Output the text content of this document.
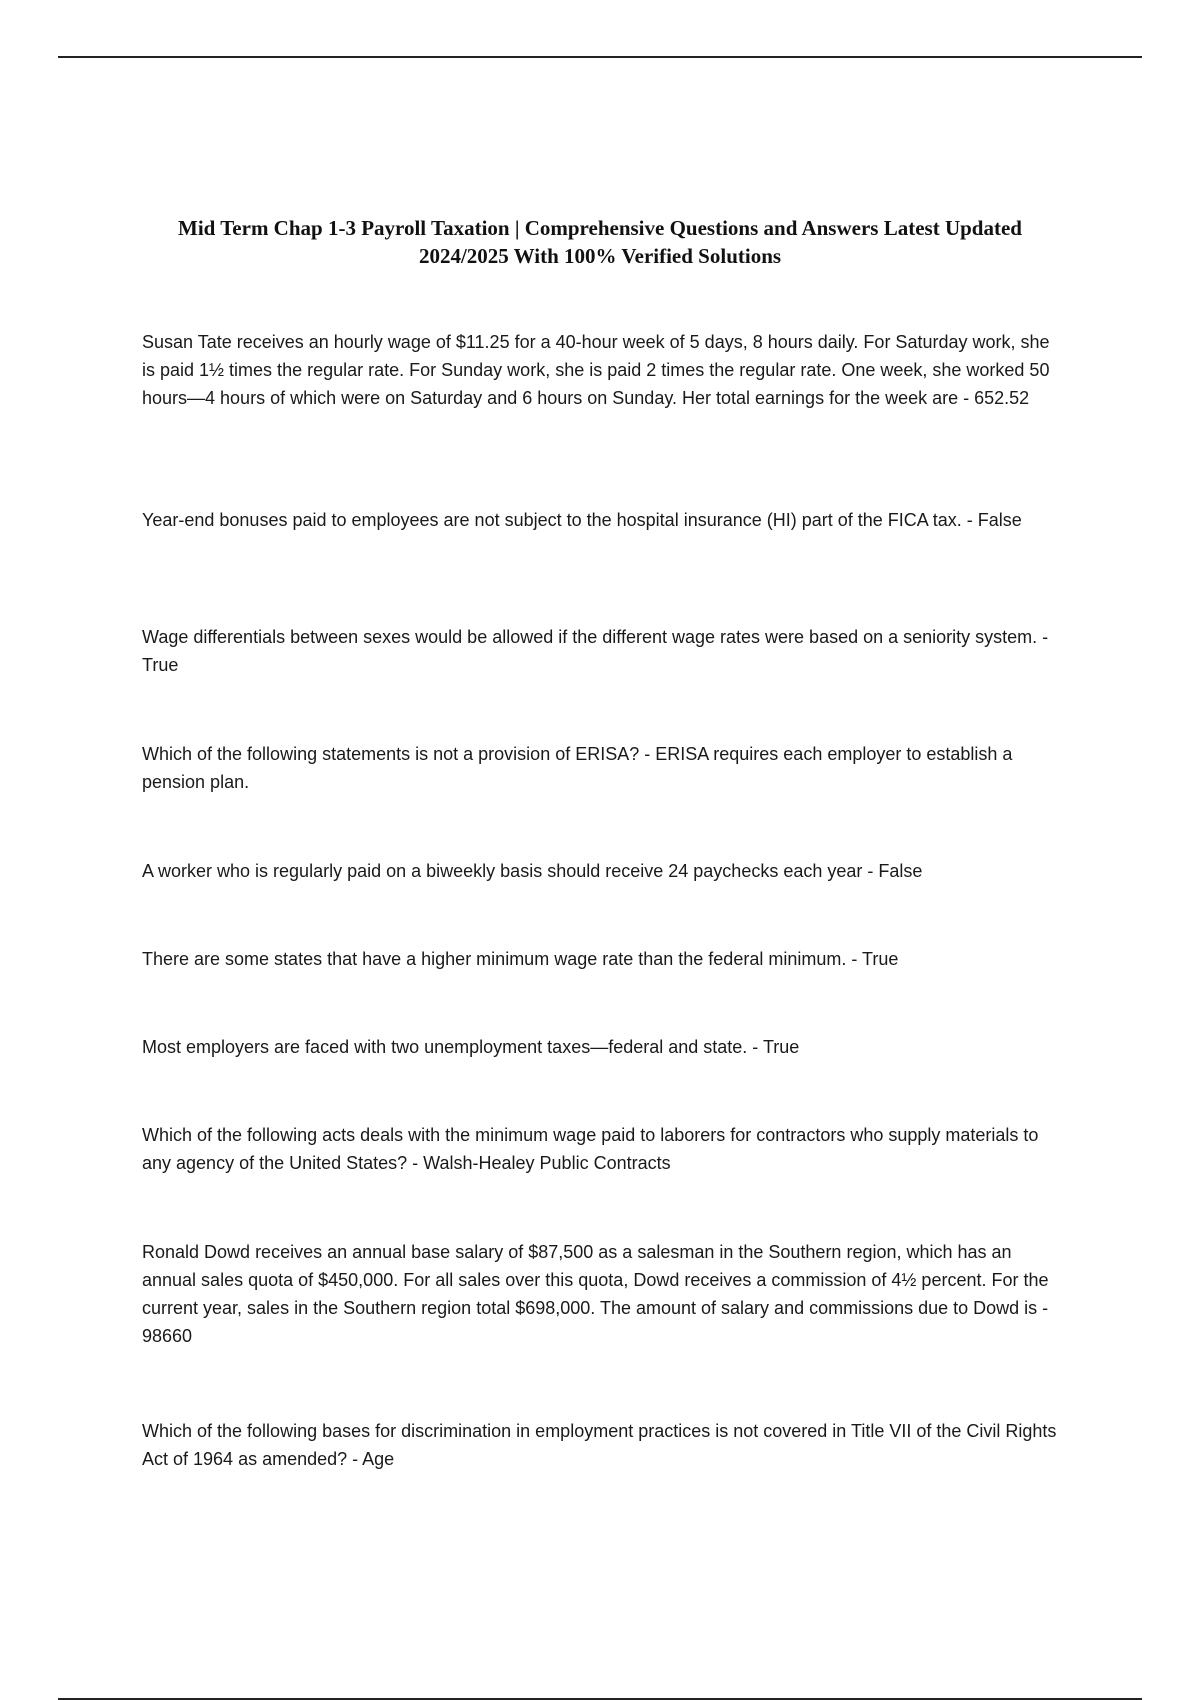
Mid Term Chap 1-3 Payroll Taxation | Comprehensive Questions and Answers Latest Updated 2024/2025 With 100% Verified Solutions
Susan Tate receives an hourly wage of $11.25 for a 40-hour week of 5 days, 8 hours daily. For Saturday work, she is paid 1½ times the regular rate. For Sunday work, she is paid 2 times the regular rate. One week, she worked 50 hours—4 hours of which were on Saturday and 6 hours on Sunday. Her total earnings for the week are - 652.52
Year-end bonuses paid to employees are not subject to the hospital insurance (HI) part of the FICA tax. - False
Wage differentials between sexes would be allowed if the different wage rates were based on a seniority system. - True
Which of the following statements is not a provision of ERISA? - ERISA requires each employer to establish a pension plan.
A worker who is regularly paid on a biweekly basis should receive 24 paychecks each year - False
There are some states that have a higher minimum wage rate than the federal minimum. - True
Most employers are faced with two unemployment taxes—federal and state. - True
Which of the following acts deals with the minimum wage paid to laborers for contractors who supply materials to any agency of the United States? - Walsh-Healey Public Contracts
Ronald Dowd receives an annual base salary of $87,500 as a salesman in the Southern region, which has an annual sales quota of $450,000. For all sales over this quota, Dowd receives a commission of 4½ percent. For the current year, sales in the Southern region total $698,000. The amount of salary and commissions due to Dowd is - 98660
Which of the following bases for discrimination in employment practices is not covered in Title VII of the Civil Rights Act of 1964 as amended? - Age
